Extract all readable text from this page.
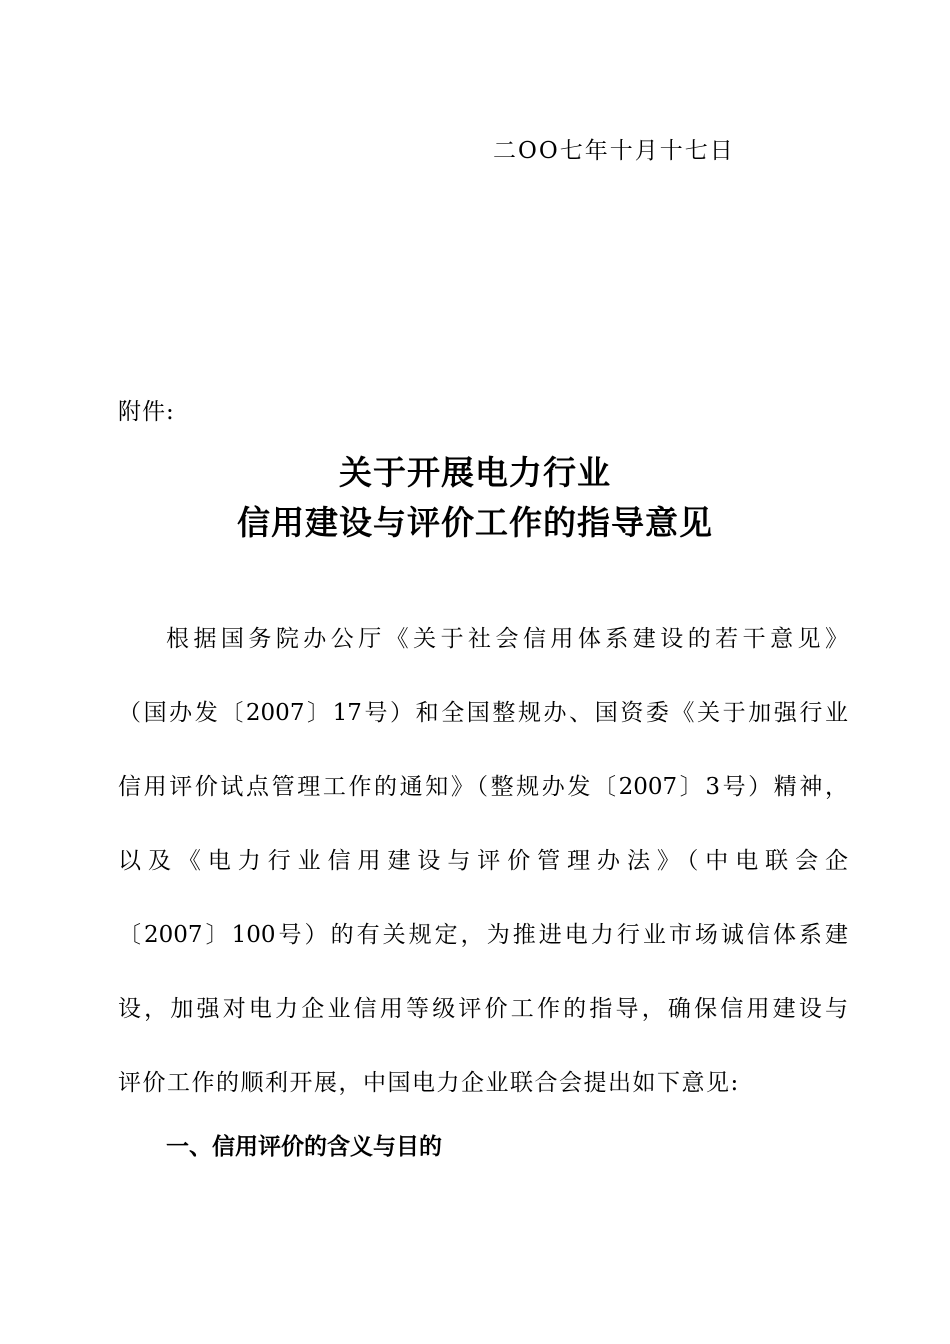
二OO七年十月十七日
附件:
关于开展电力行业
信用建设与评价工作的指导意见
根据国务院办公厅《关于社会信用体系建设的若干意见》
（国办发〔2007〕17号）和全国整规办、国资委《关于加强行业
信用评价试点管理工作的通知》（整规办发〔2007〕3号）精神，
以及《电力行业信用建设与评价管理办法》（中电联会企
〔2007〕100号）的有关规定，为推进电力行业市场诚信体系建
设，加强对电力企业信用等级评价工作的指导，确保信用建设与
评价工作的顺利开展，中国电力企业联合会提出如下意见:
一、信用评价的含义与目的
